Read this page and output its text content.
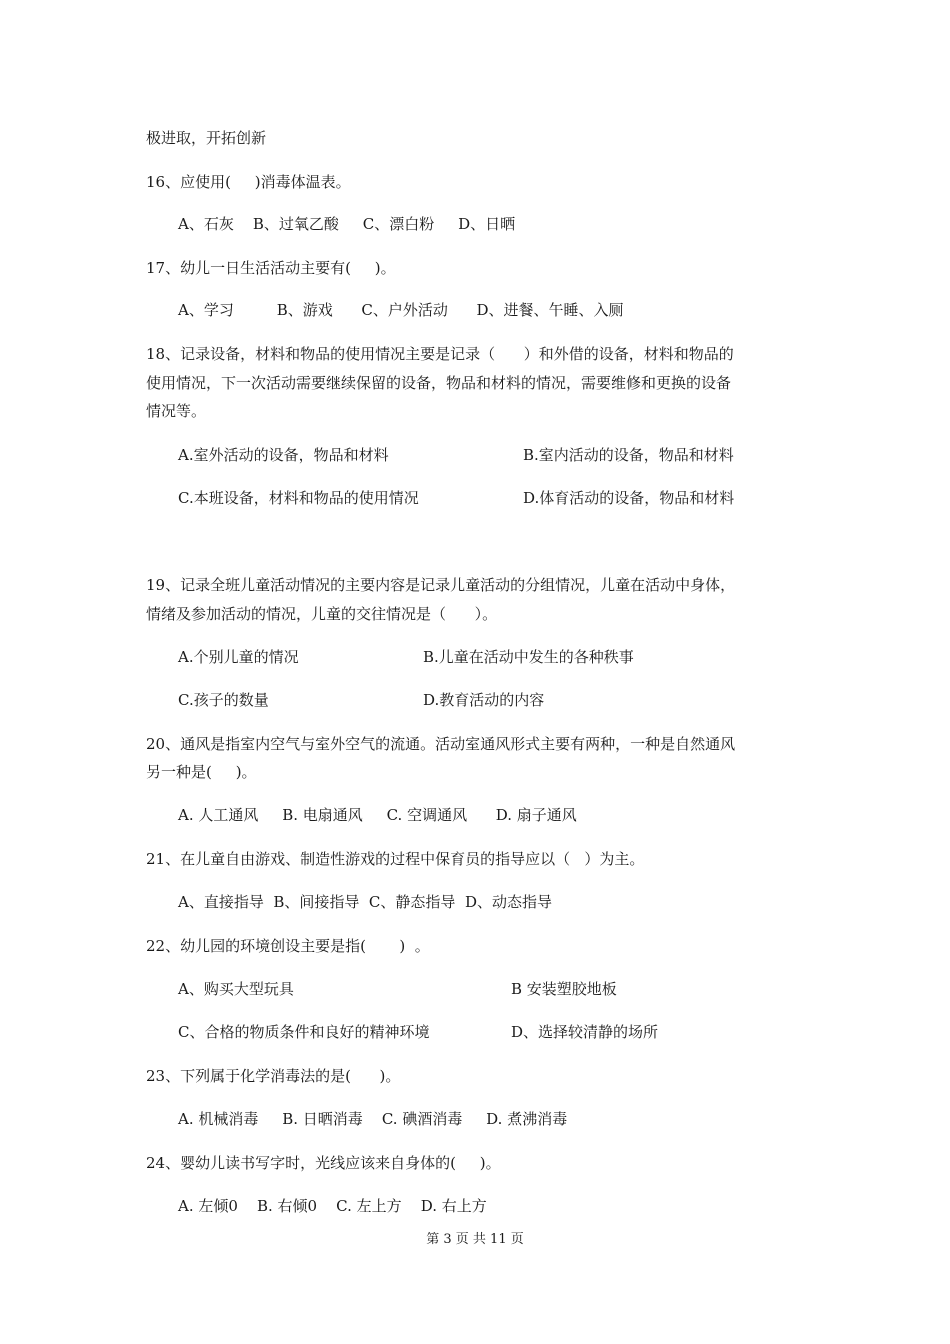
极进取，开拓创新
16、应使用(     )消毒体温表。
A、石灰    B、过氧乙酸     C、漂白粉     D、日晒
17、幼儿一日生活活动主要有(     )。
A、学习         B、游戏      C、户外活动      D、进餐、午睡、入厕
18、记录设备，材料和物品的使用情况主要是记录（      ）和外借的设备，材料和物品的
使用情况，下一次活动需要继续保留的设备，物品和材料的情况，需要维修和更换的设备
情况等。
A.室外活动的设备，物品和材料	B.室内活动的设备，物品和材料
C.本班设备，材料和物品的使用情况	D.体育活动的设备，物品和材料
19、记录全班儿童活动情况的主要内容是记录儿童活动的分组情况，儿童在活动中身体，
情绪及参加活动的情况，儿童的交往情况是（      ）。
A.个别儿童的情况	B.儿童在活动中发生的各种秩事
C.孩子的数量	D.教育活动的内容
20、通风是指室内空气与室外空气的流通。活动室通风形式主要有两种，一种是自然通风
另一种是(     )。
A. 人工通风     B. 电扇通风     C. 空调通风      D. 扇子通风
21、在儿童自由游戏、制造性游戏的过程中保育员的指导应以（   ）为主。
A、直接指导  B、间接指导  C、静态指导  D、动态指导
22、幼儿园的环境创设主要是指(       )  。
A、购买大型玩具	B 安装塑胶地板
C、合格的物质条件和良好的精神环境	D、选择较清静的场所
23、下列属于化学消毒法的是(      )。
A. 机械消毒     B. 日晒消毒    C. 碘酒消毒     D. 煮沸消毒
24、婴幼儿读书写字时，光线应该来自身体的(     )。
A. 左倾0    B. 右倾0    C. 左上方    D. 右上方
第 3 页 共 11 页
